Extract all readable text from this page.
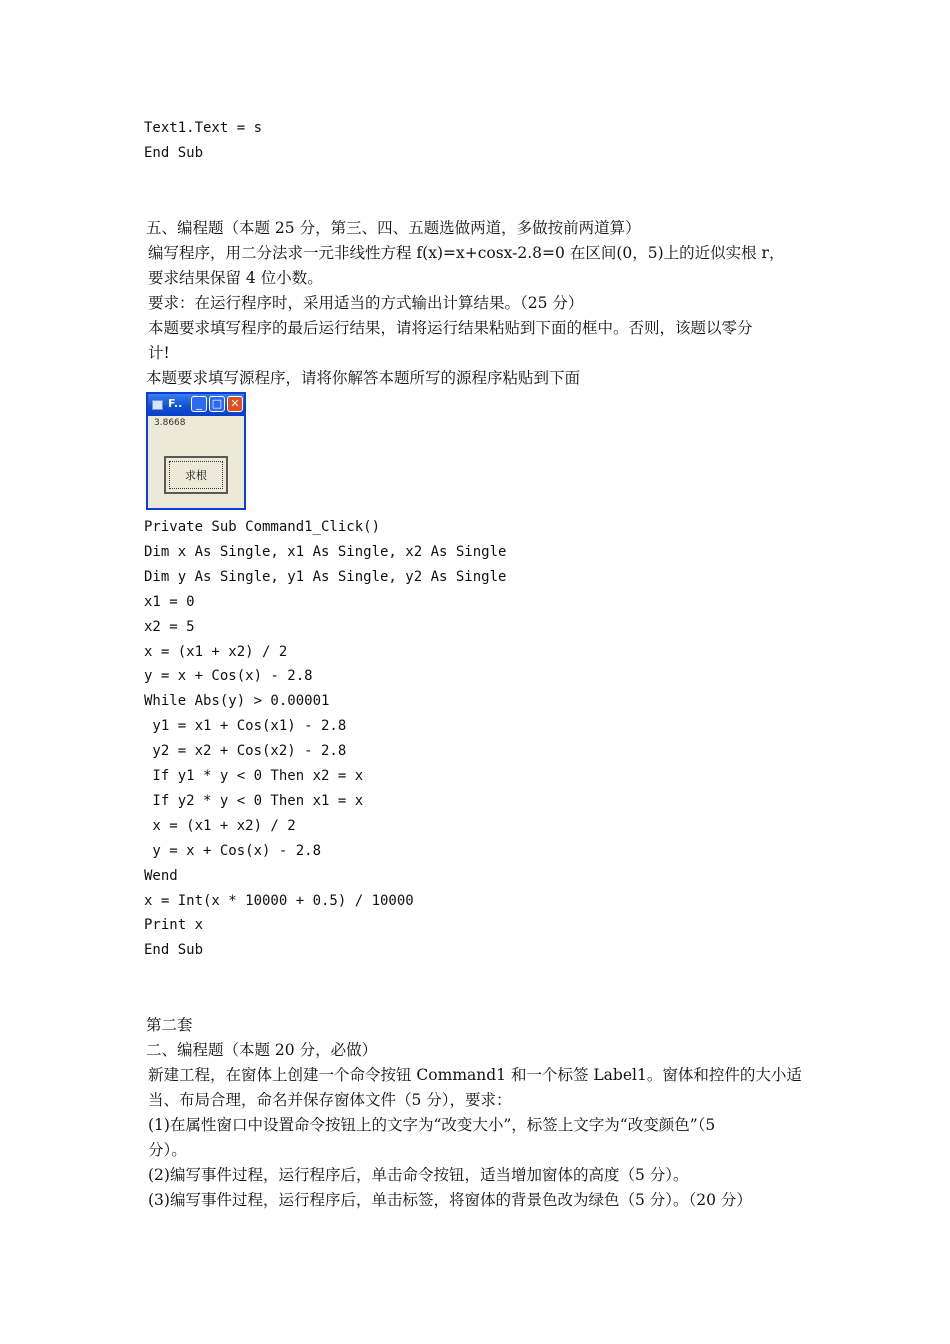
Text1.Text = s
End Sub
五、编程题（本题 25 分，第三、四、五题选做两道，多做按前两道算）
编写程序，用二分法求一元非线性方程 f(x)=x+cosx-2.8=0 在区间(0，5)上的近似实根 r，
要求结果保留 4 位小数。
要求：在运行程序时，采用适当的方式输出计算结果。（25 分）
本题要求填写程序的最后运行结果，请将运行结果粘贴到下面的框中。否则，该题以零分
计!
本题要求填写源程序，请将你解答本题所写的源程序粘贴到下面
F..	_ □ ✕
3.8668
求根
Private Sub Command1_Click()
Dim x As Single, x1 As Single, x2 As Single
Dim y As Single, y1 As Single, y2 As Single
x1 = 0
x2 = 5
x = (x1 + x2) / 2
y = x + Cos(x) - 2.8
While Abs(y) > 0.00001
y1 = x1 + Cos(x1) - 2.8
y2 = x2 + Cos(x2) - 2.8
If y1 * y < 0 Then x2 = x
If y2 * y < 0 Then x1 = x
x = (x1 + x2) / 2
y = x + Cos(x) - 2.8
Wend
x = Int(x * 10000 + 0.5) / 10000
Print x
End Sub
第二套
二、编程题（本题 20 分，必做）
新建工程，在窗体上创建一个命令按钮 Command1 和一个标签 Label1。窗体和控件的大小适
当、布局合理，命名并保存窗体文件（5 分），要求：
(1)在属性窗口中设置命令按钮上的文字为“改变大小”，标签上文字为“改变颜色”（5
分）。
(2)编写事件过程，运行程序后，单击命令按钮，适当增加窗体的高度（5 分）。
(3)编写事件过程，运行程序后，单击标签，将窗体的背景色改为绿色（5 分）。（20 分）
